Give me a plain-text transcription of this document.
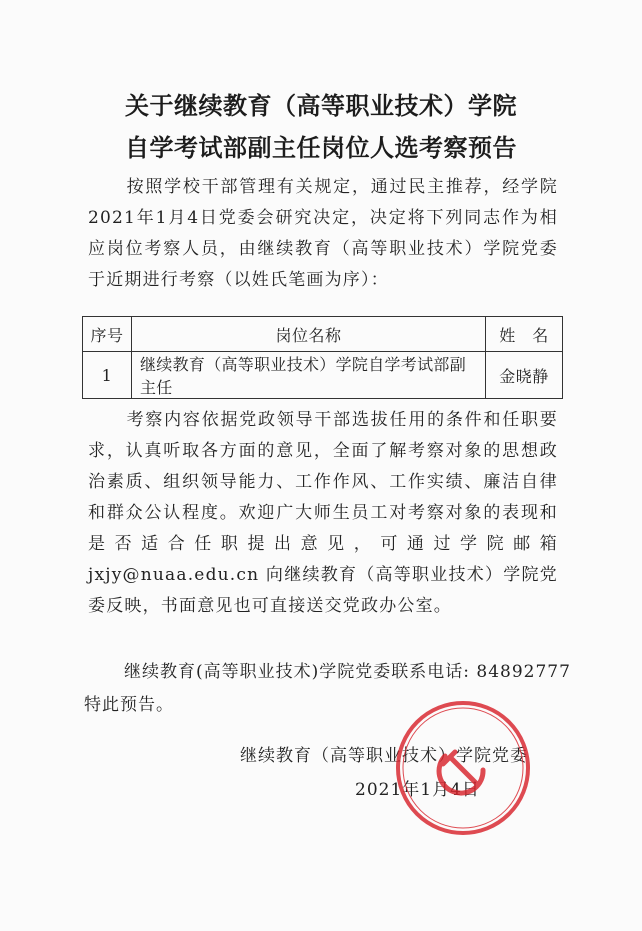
关于继续教育（高等职业技术）学院
自学考试部副主任岗位人选考察预告
按照学校干部管理有关规定，通过民主推荐，经学院2021年1月4日党委会研究决定，决定将下列同志作为相应岗位考察人员，由继续教育（高等职业技术）学院党委于近期进行考察（以姓氏笔画为序）：
序号	岗位名称	姓　名
1	继续教育（高等职业技术）学院自学考试部副主任	金晓静
考察内容依据党政领导干部选拔任用的条件和任职要求，认真听取各方面的意见，全面了解考察对象的思想政治素质、组织领导能力、工作作风、工作实绩、廉洁自律和群众公认程度。欢迎广大师生员工对考察对象的表现和是否适合任职提出意见，可通过学院邮箱 jxjy@nuaa.edu.cn 向继续教育（高等职业技术）学院党委反映，书面意见也可直接送交党政办公室。
继续教育(高等职业技术)学院党委联系电话: 84892777
特此预告。
继续教育（高等职业技术）学院党委
2021年1月4日
